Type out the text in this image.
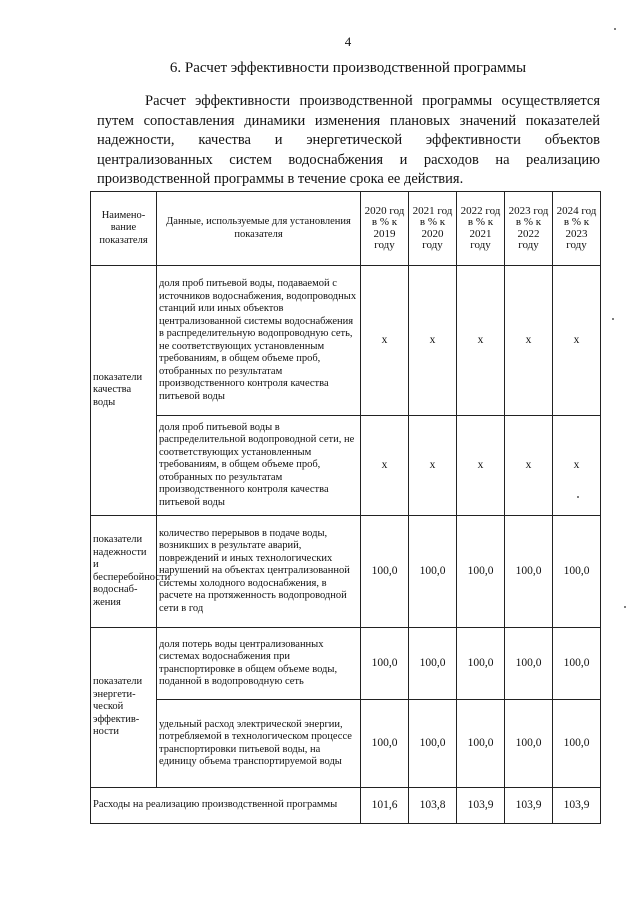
4
6. Расчет эффективности производственной программы
Расчет эффективности производственной программы осуществляется путем сопоставления динамики изменения плановых значений показателей надежности, качества и энергетической эффективности объектов централизованных систем водоснабжения и расходов на реализацию производственной программы в течение срока ее действия.
Наимено-вание показателя	Данные, используемые для установления показателя	2020 год в % к 2019 году	2021 год в % к 2020 году	2022 год в % к 2021 году	2023 год в % к 2022 году	2024 год в % к 2023 году
показатели качества воды	доля проб питьевой воды, подаваемой с источников водоснабжения, водопроводных станций или иных объектов централизованной системы водоснабжения в распределительную водопроводную сеть, не соответствующих установленным требованиям, в общем объеме проб, отобранных по результатам производственного контроля качества питьевой воды	x	x	x	x	x
	доля проб питьевой воды в распределительной водопроводной сети, не соответствующих установленным требованиям, в общем объеме проб, отобранных по результатам производственного контроля качества питьевой воды	x	x	x	x	x
показатели надежности и бесперебойности водоснаб-жения	количество перерывов в подаче воды, возникших в результате аварий, повреждений и иных технологических нарушений на объектах централизованной системы холодного водоснабжения, в расчете на протяженность водопроводной сети в год	100,0	100,0	100,0	100,0	100,0
показатели энергети-ческой эффектив-ности	доля потерь воды централизованных системах водоснабжения при транспортировке в общем объеме воды, поданной в водопроводную сеть	100,0	100,0	100,0	100,0	100,0
	удельный расход электрической энергии, потребляемой в технологическом процессе транспортировки питьевой воды, на единицу объема транспортируемой воды	100,0	100,0	100,0	100,0	100,0
Расходы на реализацию производственной программы		101,6	103,8	103,9	103,9	103,9
